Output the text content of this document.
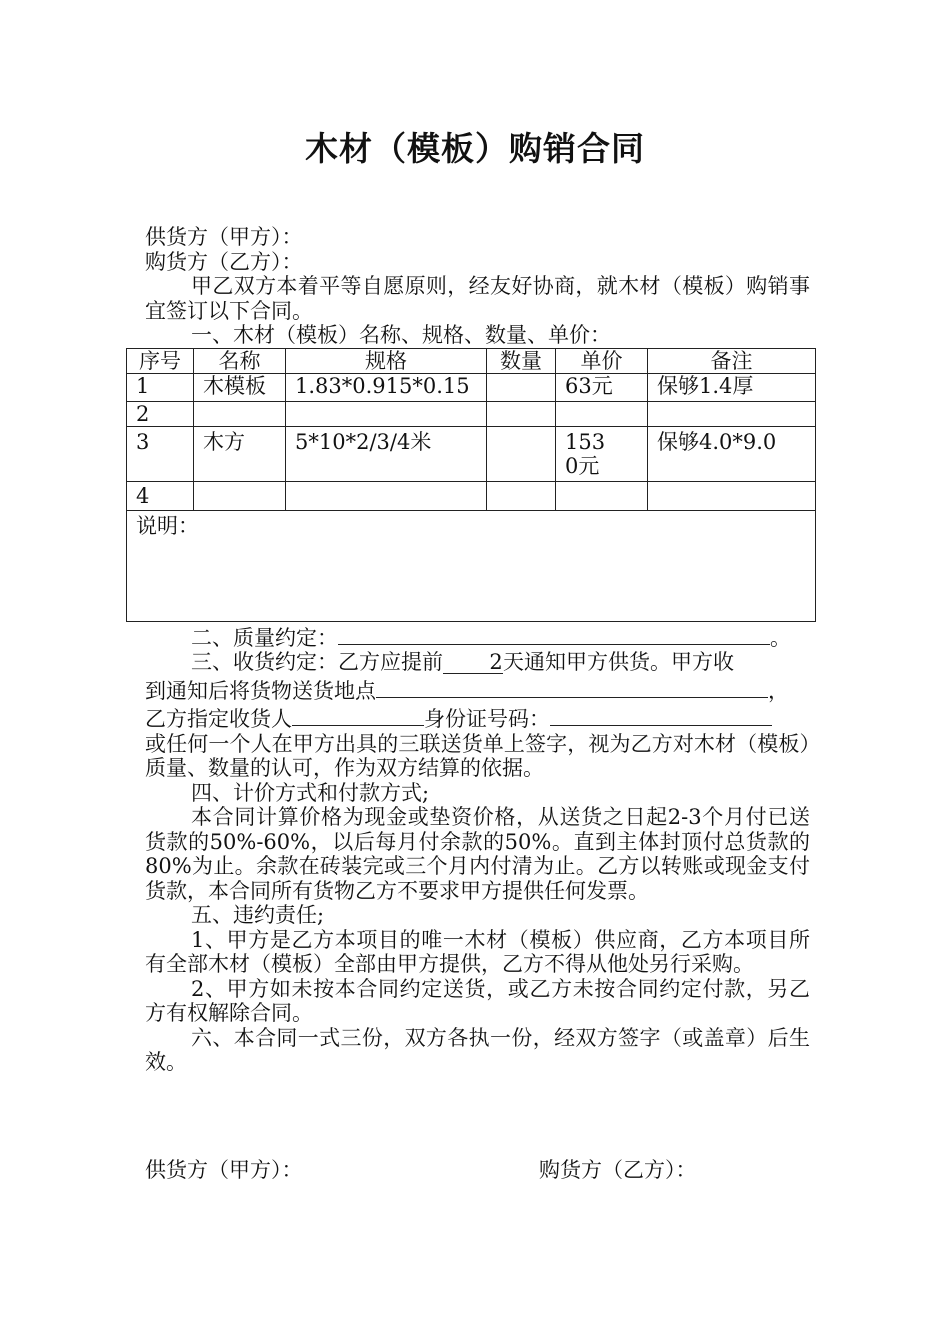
木材（模板）购销合同

供货方（甲方）：

购货方（乙方）：

甲乙双方本着平等自愿原则，经友好协商，就木材（模板）购销事宜签订以下合同。

一、木材（模板）名称、规格、数量、单价：

序号	名称	规格	数量	单价	备注
1	木模板	1.83*0.915*0.15		63元	保够1.4厚
2					
3	木方	5*10*2/3/4米		1530元	保够4.0*9.0
4					
说明：					

二、质量约定：	。

三、收货约定：乙方应提前 2天通知甲方供货。甲方收

到通知后将货物送货地点	，

乙方指定收货人	身份证号码：

或任何一个人在甲方出具的三联送货单上签字，视为乙方对木材（模板）质量、数量的认可，作为双方结算的依据。

四、计价方式和付款方式;

本合同计算价格为现金或垫资价格，从送货之日起2-3个月付已送货款的50%-60%，以后每月付余款的50%。直到主体封顶付总货款的80%为止。余款在砖装完或三个月内付清为止。乙方以转账或现金支付货款，本合同所有货物乙方不要求甲方提供任何发票。

五、违约责任;

1、甲方是乙方本项目的唯一木材（模板）供应商，乙方本项目所有全部木材（模板）全部由甲方提供，乙方不得从他处另行采购。

2、甲方如未按本合同约定送货，或乙方未按合同约定付款，另乙方有权解除合同。

六、本合同一式三份，双方各执一份，经双方签字（或盖章）后生效。

供货方（甲方）：	购货方（乙方）：
